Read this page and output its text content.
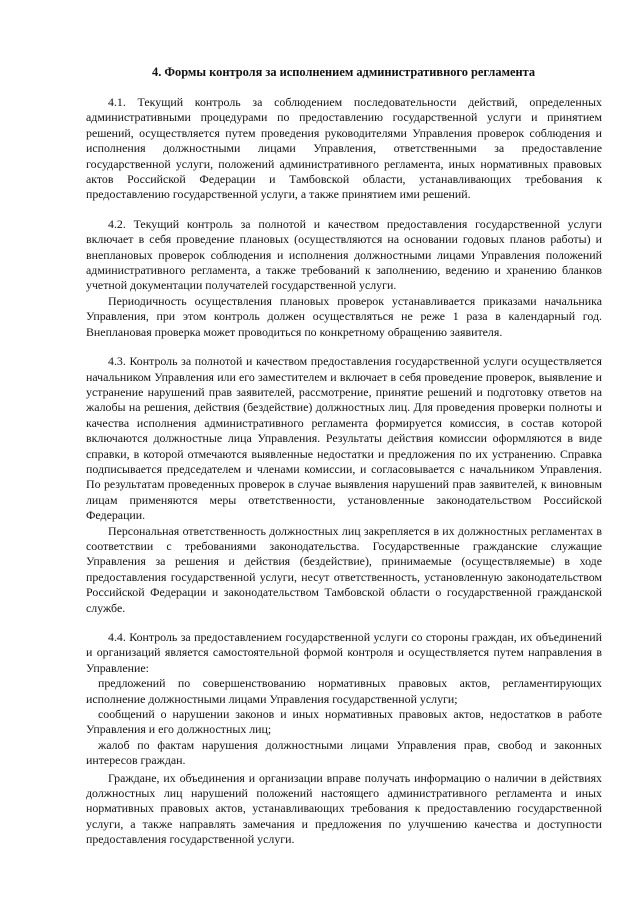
4. Формы контроля за исполнением административного регламента

4.1. Текущий контроль за соблюдением последовательности действий, определенных административными процедурами по предоставлению государственной услуги и принятием решений, осуществляется путем проведения руководителями Управления проверок соблюдения и исполнения должностными лицами Управления, ответственными за предоставление государственной услуги, положений административного регламента, иных нормативных правовых актов Российской Федерации и Тамбовской области, устанавливающих требования к предоставлению государственной услуги, а также принятием ими решений.

4.2. Текущий контроль за полнотой и качеством предоставления государственной услуги включает в себя проведение плановых (осуществляются на основании годовых планов работы) и внеплановых проверок соблюдения и исполнения должностными лицами Управления положений административного регламента, а также требований к заполнению, ведению и хранению бланков учетной документации получателей государственной услуги.

Периодичность осуществления плановых проверок устанавливается приказами начальника Управления, при этом контроль должен осуществляться не реже 1 раза в календарный год. Внеплановая проверка может проводиться по конкретному обращению заявителя.

4.3. Контроль за полнотой и качеством предоставления государственной услуги осуществляется начальником Управления или его заместителем и включает в себя проведение проверок, выявление и устранение нарушений прав заявителей, рассмотрение, принятие решений и подготовку ответов на жалобы на решения, действия (бездействие) должностных лиц. Для проведения проверки полноты и качества исполнения административного регламента формируется комиссия, в состав которой включаются должностные лица Управления. Результаты действия комиссии оформляются в виде справки, в которой отмечаются выявленные недостатки и предложения по их устранению. Справка подписывается председателем и членами комиссии, и согласовывается с начальником Управления. По результатам проведенных проверок в случае выявления нарушений прав заявителей, к виновным лицам применяются меры ответственности, установленные законодательством Российской Федерации.

Персональная ответственность должностных лиц закрепляется в их должностных регламентах в соответствии с требованиями законодательства. Государственные гражданские служащие Управления за решения и действия (бездействие), принимаемые (осуществляемые) в ходе предоставления государственной услуги, несут ответственность, установленную законодательством Российской Федерации и законодательством Тамбовской области о государственной гражданской службе.

4.4. Контроль за предоставлением государственной услуги со стороны граждан, их объединений и организаций является самостоятельной формой контроля и осуществляется путем направления в Управление:

предложений по совершенствованию нормативных правовых актов, регламентирующих исполнение должностными лицами Управления государственной услуги;

сообщений о нарушении законов и иных нормативных правовых актов, недостатков в работе Управления и его должностных лиц;

жалоб по фактам нарушения должностными лицами Управления прав, свобод и законных интересов граждан.

Граждане, их объединения и организации вправе получать информацию о наличии в действиях должностных лиц нарушений положений настоящего административного регламента и иных нормативных правовых актов, устанавливающих требования к предоставлению государственной услуги, а также направлять замечания и предложения по улучшению качества и доступности предоставления государственной услуги.
